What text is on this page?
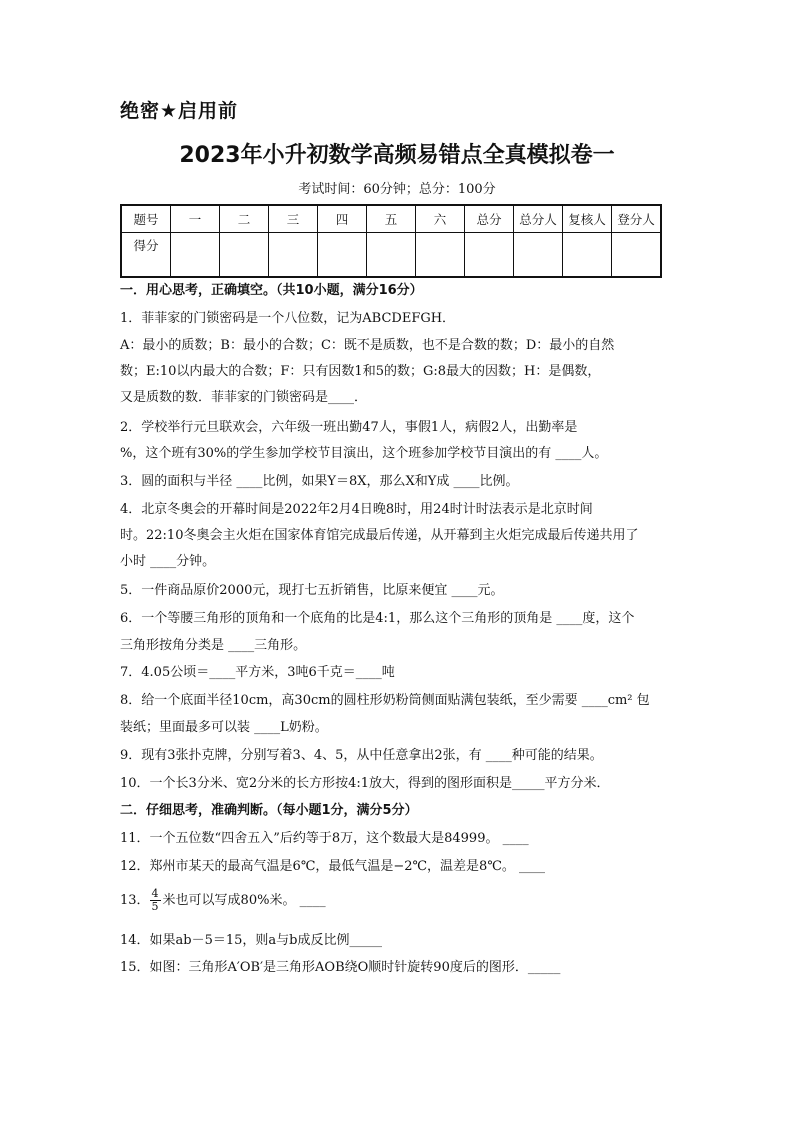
绝密★启用前
2023年小升初数学高频易错点全真模拟卷一
考试时间：60分钟；总分：100分
题号	一	二	三	四	五	六	总分	总分人	复核人	登分人
得分										
一．用心思考，正确填空。（共10小题，满分16分）
1．菲菲家的门锁密码是一个八位数，记为ABCDEFGH．
A：最小的质数；B：最小的合数；C：既不是质数，也不是合数的数；D：最小的自然
数；E:10以内最大的合数；F：只有因数1和5的数；G:8最大的因数；H：是偶数，
又是质数的数．菲菲家的门锁密码是____．
2．学校举行元旦联欢会，六年级一班出勤47人，事假1人，病假2人，出勤率是
%，这个班有30%的学生参加学校节目演出，这个班参加学校节目演出的有 ____人。
3．圆的面积与半径 ____比例，如果Y＝8X，那么X和Y成 ____比例。
4．北京冬奥会的开幕时间是2022年2月4日晚8时，用24时计时法表示是北京时间
时。22:10冬奥会主火炬在国家体育馆完成最后传递，从开幕到主火炬完成最后传递共用了
小时 ____分钟。
5．一件商品原价2000元，现打七五折销售，比原来便宜 ____元。
6．一个等腰三角形的顶角和一个底角的比是4:1，那么这个三角形的顶角是 ____度，这个
三角形按角分类是 ____三角形。
7．4.05公顷＝____平方米，3吨6千克＝____吨
8．给一个底面半径10cm，高30cm的圆柱形奶粉筒侧面贴满包装纸，至少需要 ____cm² 包
装纸；里面最多可以装 ____L奶粉。
9．现有3张扑克牌，分别写着3、4、5，从中任意拿出2张，有 ____种可能的结果。
10．一个长3分米、宽2分米的长方形按4:1放大，得到的图形面积是_____平方分米．
二．仔细思考，准确判断。（每小题1分，满分5分）
11．一个五位数“四舍五入”后约等于8万，这个数最大是84999。 ____
12．郑州市某天的最高气温是6℃，最低气温是−2℃，温差是8℃。 ____
13． $\frac{4}{5}$ 米也可以写成80%米。 ____
14．如果ab－5＝15，则a与b成反比例_____
15．如图：三角形A′OB′是三角形AOB绕O顺时针旋转90度后的图形．_____
